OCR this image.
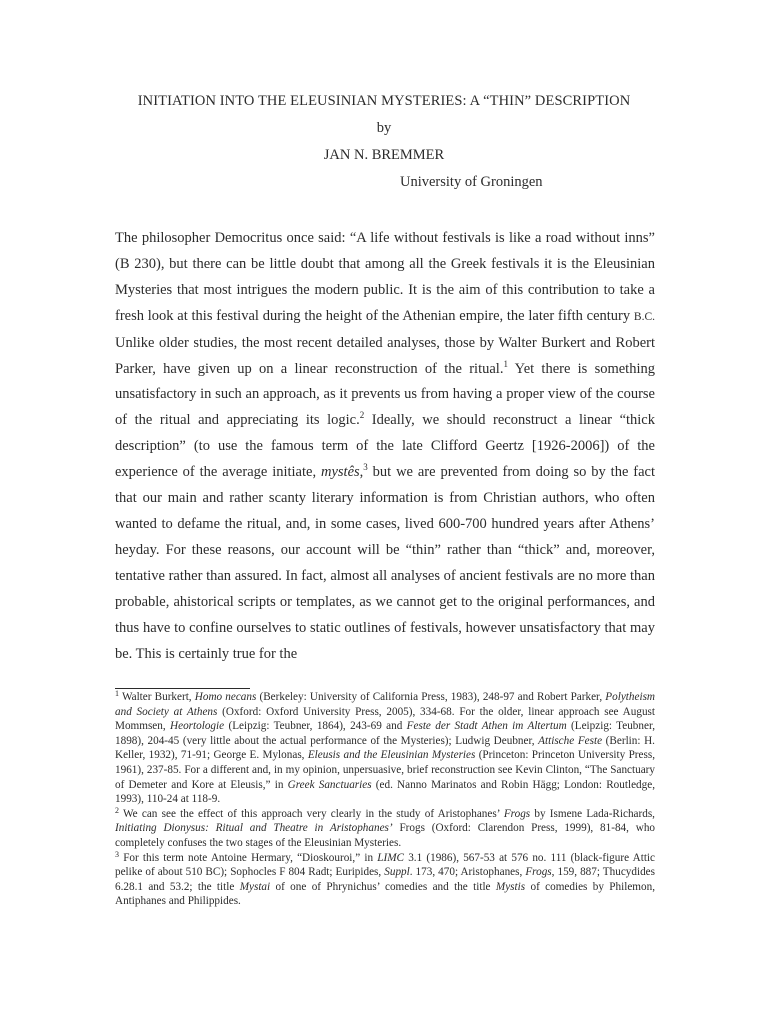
INITIATION INTO THE ELEUSINIAN MYSTERIES: A “THIN” DESCRIPTION
by
JAN N. BREMMER
University of Groningen

The philosopher Democritus once said: “A life without festivals is like a road without inns” (B 230), but there can be little doubt that among all the Greek festivals it is the Eleusinian Mysteries that most intrigues the modern public. It is the aim of this contribution to take a fresh look at this festival during the height of the Athenian empire, the later fifth century B.C. Unlike older studies, the most recent detailed analyses, those by Walter Burkert and Robert Parker, have given up on a linear reconstruction of the ritual.$^1$ Yet there is something unsatisfactory in such an approach, as it prevents us from having a proper view of the course of the ritual and appreciating its logic.$^2$ Ideally, we should reconstruct a linear “thick description” (to use the famous term of the late Clifford Geertz [1926-2006]) of the experience of the average initiate, mystês,$^3$ but we are prevented from doing so by the fact that our main and rather scanty literary information is from Christian authors, who often wanted to defame the ritual, and, in some cases, lived 600-700 hundred years after Athens’ heyday. For these reasons, our account will be “thin” rather than “thick” and, moreover, tentative rather than assured. In fact, almost all analyses of ancient festivals are no more than probable, ahistorical scripts or templates, as we cannot get to the original performances, and thus have to confine ourselves to static outlines of festivals, however unsatisfactory that may be. This is certainly true for the

$^1$ Walter Burkert, Homo necans (Berkeley: University of California Press, 1983), 248-97 and Robert Parker, Polytheism and Society at Athens (Oxford: Oxford University Press, 2005), 334-68. For the older, linear approach see August Mommsen, Heortologie (Leipzig: Teubner, 1864), 243-69 and Feste der Stadt Athen im Altertum (Leipzig: Teubner, 1898), 204-45 (very little about the actual performance of the Mysteries); Ludwig Deubner, Attische Feste (Berlin: H. Keller, 1932), 71-91; George E. Mylonas, Eleusis and the Eleusinian Mysteries (Princeton: Princeton University Press, 1961), 237-85. For a different and, in my opinion, unpersuasive, brief reconstruction see Kevin Clinton, “The Sanctuary of Demeter and Kore at Eleusis,” in Greek Sanctuaries (ed. Nanno Marinatos and Robin Hägg; London: Routledge, 1993), 110-24 at 118-9.

$^2$ We can see the effect of this approach very clearly in the study of Aristophanes’ Frogs by Ismene Lada-Richards, Initiating Dionysus: Ritual and Theatre in Aristophanes’ Frogs (Oxford: Clarendon Press, 1999), 81-84, who completely confuses the two stages of the Eleusinian Mysteries.

$^3$ For this term note Antoine Hermary, “Dioskouroi,” in LIMC 3.1 (1986), 567-53 at 576 no. 111 (black-figure Attic pelike of about 510 BC); Sophocles F 804 Radt; Euripides, Suppl. 173, 470; Aristophanes, Frogs, 159, 887; Thucydides 6.28.1 and 53.2; the title Mystai of one of Phrynichus’ comedies and the title Mystis of comedies by Philemon, Antiphanes and Philippides.
